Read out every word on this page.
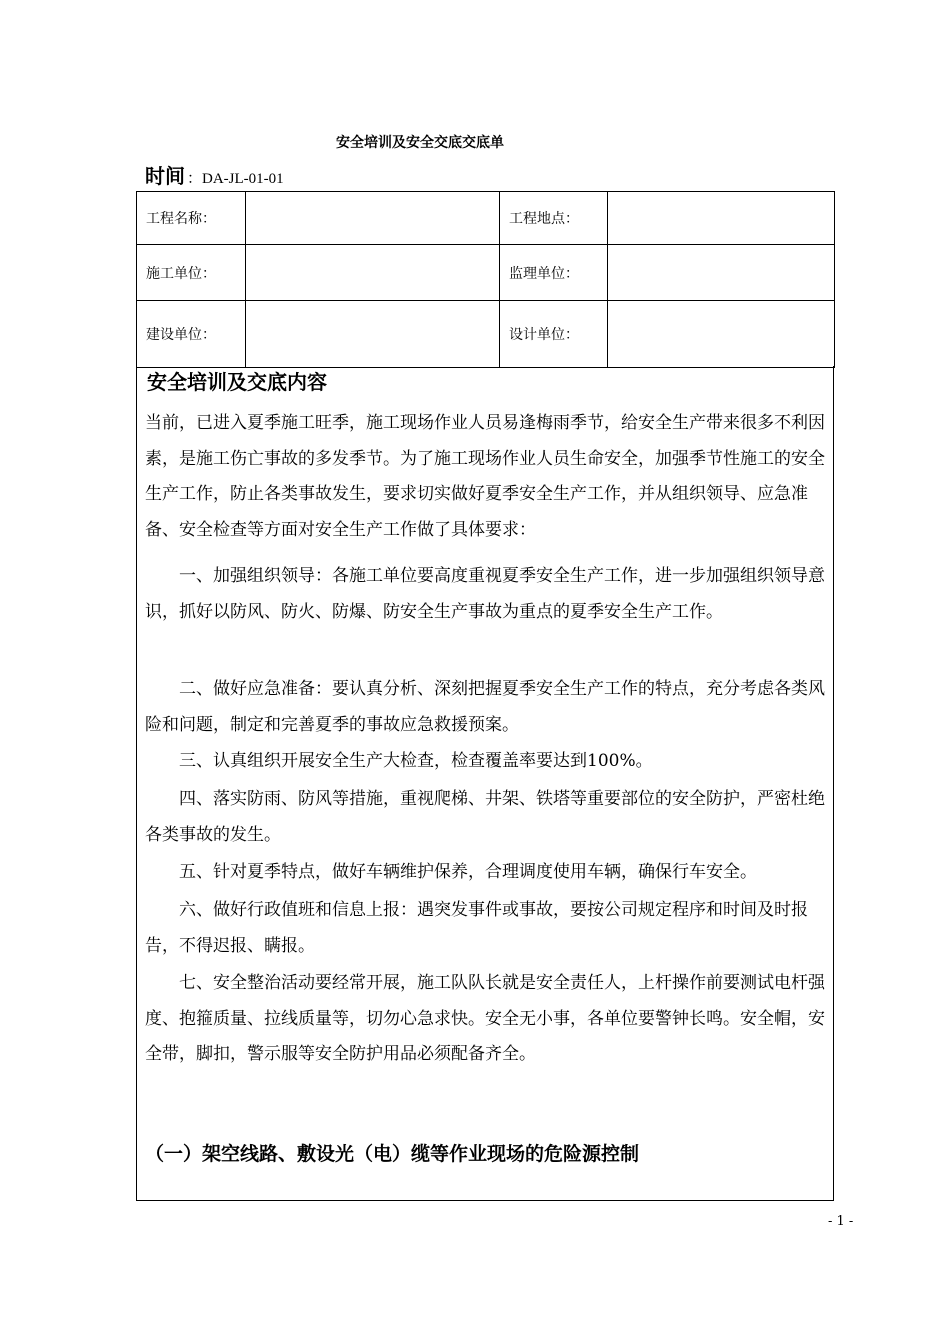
安全培训及安全交底交底单
时间 ：DA-JL-01-01
工程名称：		工程地点：	
施工单位：		监理单位：	
建设单位：		设计单位：	
安全培训及交底内容

当前，已进入夏季施工旺季，施工现场作业人员易逢梅雨季节，给安全生产带来很多不利因素，是施工伤亡事故的多发季节。为了施工现场作业人员生命安全，加强季节性施工的安全生产工作，防止各类事故发生，要求切实做好夏季安全生产工作，并从组织领导、应急准备、安全检查等方面对安全生产工作做了具体要求：

一、加强组织领导：各施工单位要高度重视夏季安全生产工作，进一步加强组织领导意识，抓好以防风、防火、防爆、防安全生产事故为重点的夏季安全生产工作。

二、做好应急准备：要认真分析、深刻把握夏季安全生产工作的特点，充分考虑各类风险和问题，制定和完善夏季的事故应急救援预案。

三、认真组织开展安全生产大检查，检查覆盖率要达到100%。

四、落实防雨、防风等措施，重视爬梯、井架、铁塔等重要部位的安全防护，严密杜绝各类事故的发生。

五、针对夏季特点，做好车辆维护保养，合理调度使用车辆，确保行车安全。

六、做好行政值班和信息上报：遇突发事件或事故，要按公司规定程序和时间及时报告，不得迟报、瞒报。

七、安全整治活动要经常开展，施工队队长就是安全责任人，上杆操作前要测试电杆强度、抱箍质量、拉线质量等，切勿心急求快。安全无小事，各单位要警钟长鸣。安全帽，安全带，脚扣，警示服等安全防护用品必须配备齐全。

（一）架空线路、敷设光（电）缆等作业现场的危险源控制
- 1 -
